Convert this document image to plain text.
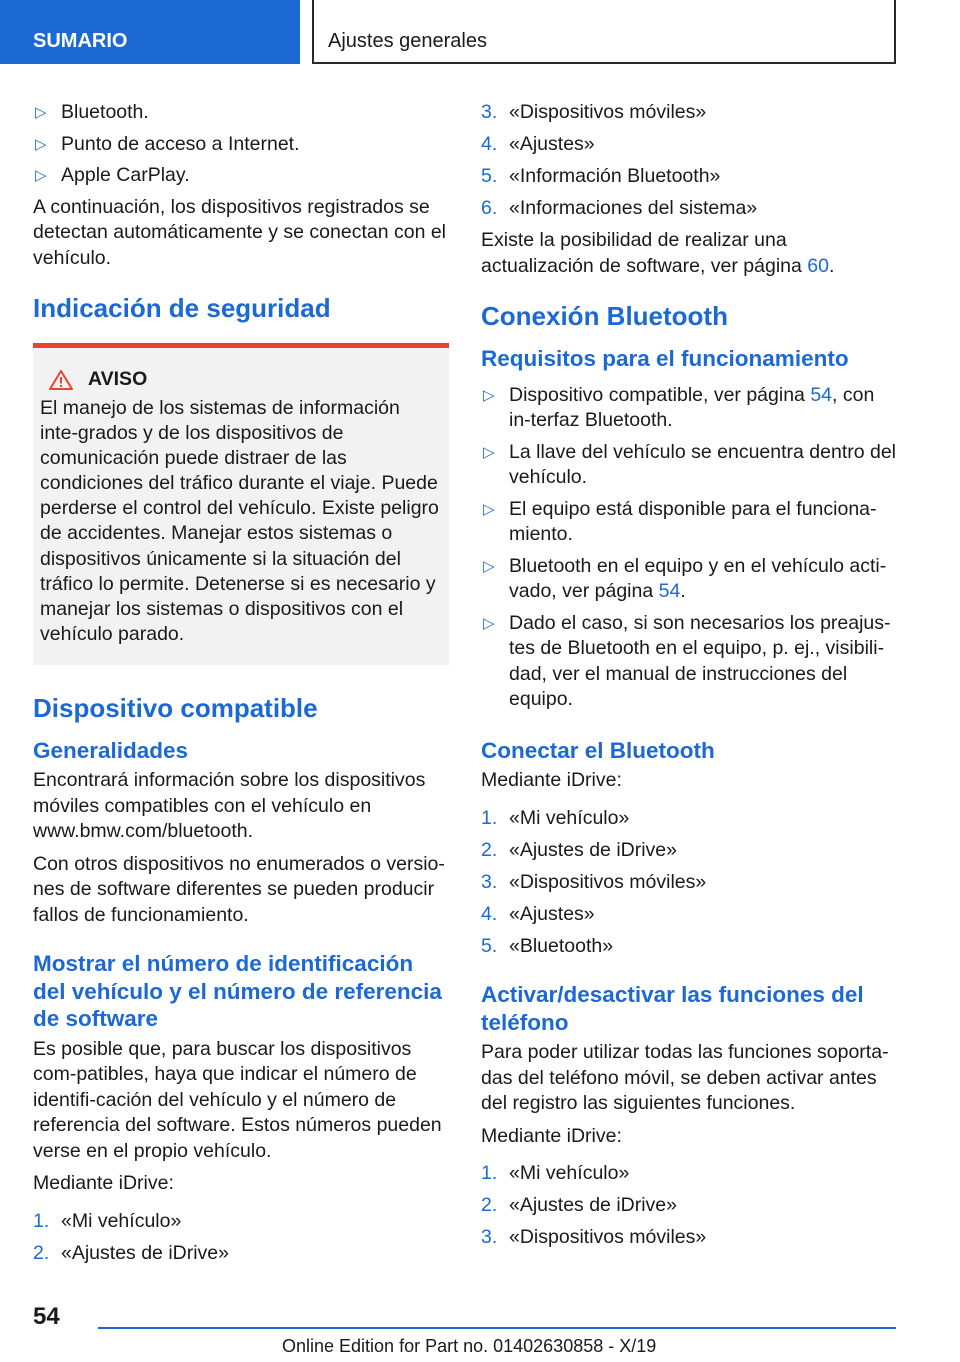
SUMARIO	Ajustes generales
▷ Bluetooth.
▷ Punto de acceso a Internet.
▷ Apple CarPlay.

A continuación, los dispositivos registrados se detectan automáticamente y se conectan con el vehículo.

Indicación de seguridad
AVISO

El manejo de los sistemas de información inte‐grados y de los dispositivos de comunicación puede distraer de las condiciones del tráfico durante el viaje. Puede perderse el control del vehículo. Existe peligro de accidentes. Manejar estos sistemas o dispositivos únicamente si la situación del tráfico lo permite. Detenerse si es necesario y manejar los sistemas o dispositivos con el vehículo parado.

Dispositivo compatible
Generalidades

Encontrará información sobre los dispositivos móviles compatibles con el vehículo en www.bmw.com/bluetooth.

Con otros dispositivos no enumerados o versio‐nes de software diferentes se pueden producir fallos de funcionamiento.

Mostrar el número de identificación del vehículo y el número de referencia de software

Es posible que, para buscar los dispositivos com‐patibles, haya que indicar el número de identifi‐cación del vehículo y el número de referencia del software. Estos números pueden verse en el propio vehículo.

Mediante iDrive:

1. «Mi vehículo»
2. «Ajustes de iDrive»
3. «Dispositivos móviles»
4. «Ajustes»
5. «Información Bluetooth»
6. «Informaciones del sistema»

Existe la posibilidad de realizar una actualización de software, ver página 60.

Conexión Bluetooth
Requisitos para el funcionamiento
▷ Dispositivo compatible, ver página 54, con in‐terfaz Bluetooth.
▷ La llave del vehículo se encuentra dentro del vehículo.
▷ El equipo está disponible para el funciona‐miento.
▷ Bluetooth en el equipo y en el vehículo acti‐vado, ver página 54.
▷ Dado el caso, si son necesarios los preajus‐tes de Bluetooth en el equipo, p. ej., visibili‐dad, ver el manual de instrucciones del equipo.
Conectar el Bluetooth

Mediante iDrive:

1. «Mi vehículo»
2. «Ajustes de iDrive»
3. «Dispositivos móviles»
4. «Ajustes»
5. «Bluetooth»
Activar/desactivar las funciones del teléfono

Para poder utilizar todas las funciones soporta‐das del teléfono móvil, se deben activar antes del registro las siguientes funciones.

Mediante iDrive:

1. «Mi vehículo»
2. «Ajustes de iDrive»
3. «Dispositivos móviles»
54
Online Edition for Part no. 01402630858 - X/19
